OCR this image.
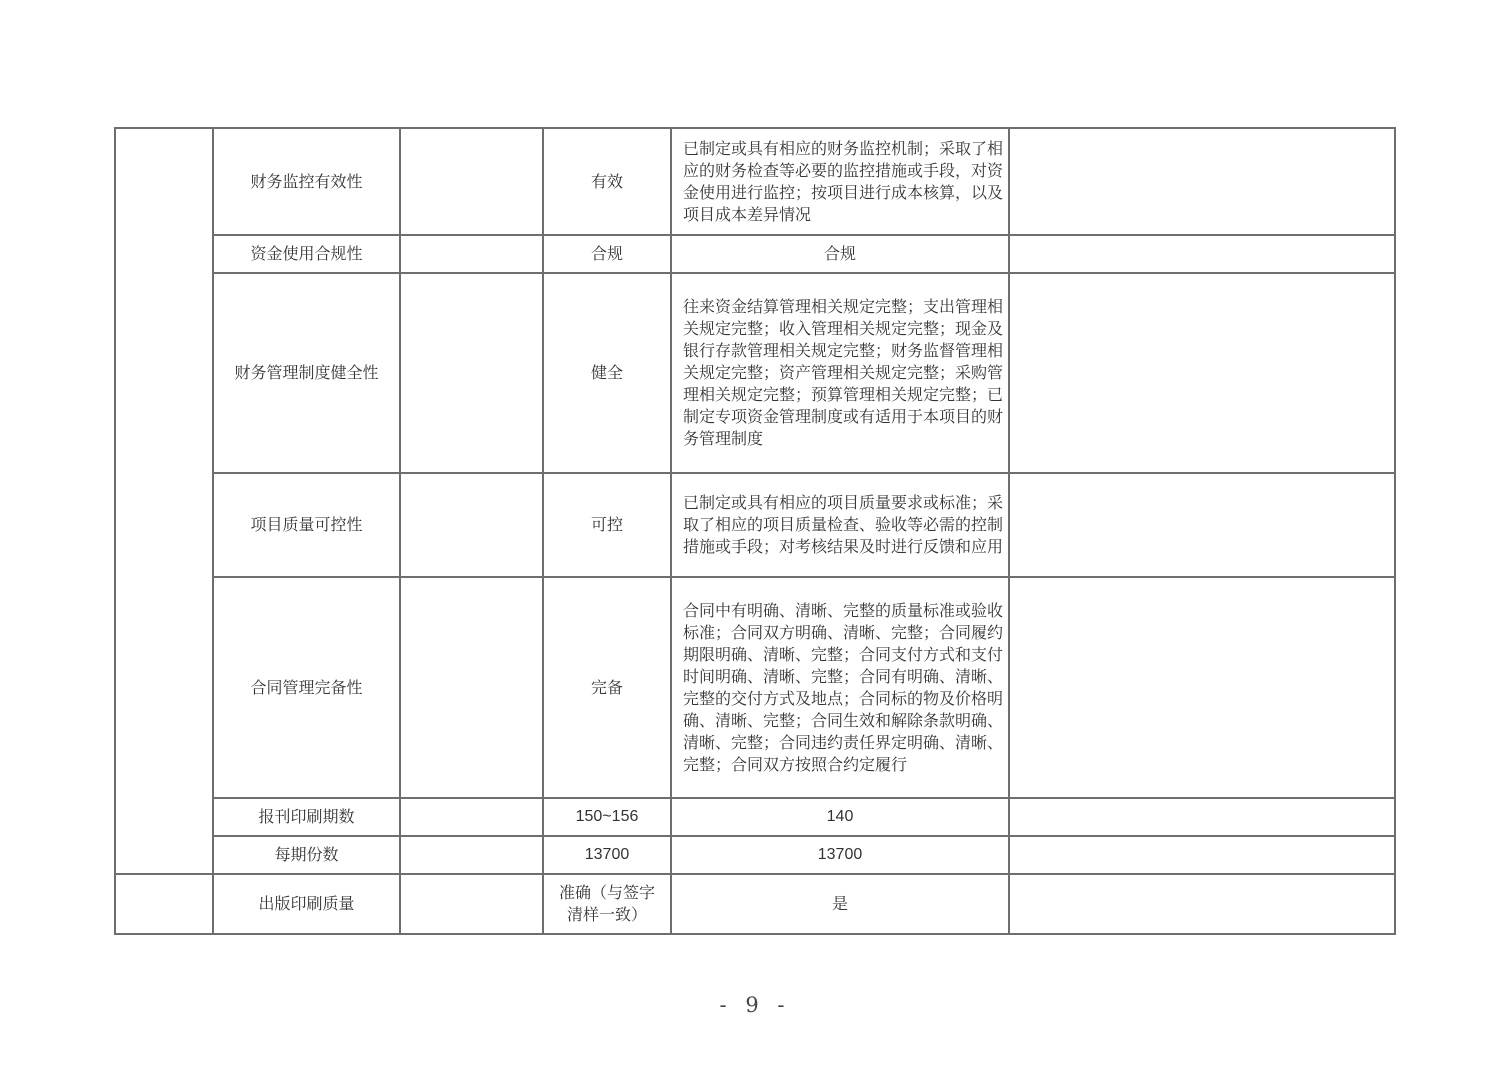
	财务监控有效性		有效	已制定或具有相应的财务监控机制；采取了相应的财务检查等必要的监控措施或手段，对资金使用进行监控；按项目进行成本核算，以及项目成本差异情况	
	资金使用合规性		合规	合规	
	财务管理制度健全性		健全	往来资金结算管理相关规定完整；支出管理相关规定完整；收入管理相关规定完整；现金及银行存款管理相关规定完整；财务监督管理相关规定完整；资产管理相关规定完整；采购管理相关规定完整；预算管理相关规定完整；已制定专项资金管理制度或有适用于本项目的财务管理制度	
	项目质量可控性		可控	已制定或具有相应的项目质量要求或标准；采取了相应的项目质量检查、验收等必需的控制措施或手段；对考核结果及时进行反馈和应用	
	合同管理完备性		完备	合同中有明确、清晰、完整的质量标准或验收标准；合同双方明确、清晰、完整；合同履约期限明确、清晰、完整；合同支付方式和支付时间明确、清晰、完整；合同有明确、清晰、完整的交付方式及地点；合同标的物及价格明确、清晰、完整；合同生效和解除条款明确、清晰、完整；合同违约责任界定明确、清晰、完整；合同双方按照合约定履行	
	报刊印刷期数		150~156	140	
	每期份数		13700	13700	
	出版印刷质量		准确（与签字清样一致）	是	
- 9 -
